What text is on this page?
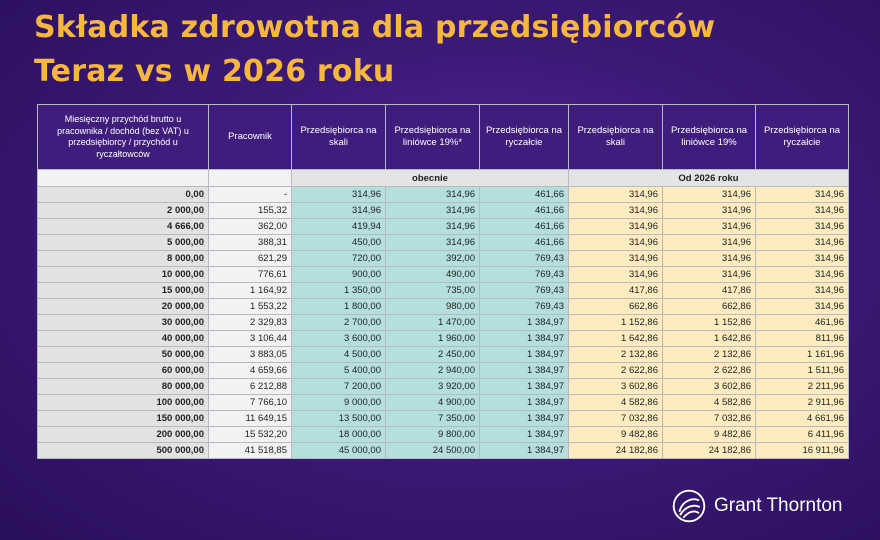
Składka zdrowotna dla przedsiębiorców
Teraz vs w 2026 roku
Miesięczny przychód brutto u pracownika / dochód (bez VAT) u przedsiębiorcy / przychód u ryczałtowców	Pracownik	Przedsiębiorca na skali	Przedsiębiorca na liniówce 19%*	Przedsiębiorca na ryczałcie	Przedsiębiorca na skali	Przedsiębiorca na liniówce 19%	Przedsiębiorca na ryczałcie
		obecnie			Od 2026 roku		
0,00	-	314,96	314,96	461,66	314,96	314,96	314,96
2 000,00	155,32	314,96	314,96	461,66	314,96	314,96	314,96
4 666,00	362,00	419,94	314,96	461,66	314,96	314,96	314,96
5 000,00	388,31	450,00	314,96	461,66	314,96	314,96	314,96
8 000,00	621,29	720,00	392,00	769,43	314,96	314,96	314,96
10 000,00	776,61	900,00	490,00	769,43	314,96	314,96	314,96
15 000,00	1 164,92	1 350,00	735,00	769,43	417,86	417,86	314,96
20 000,00	1 553,22	1 800,00	980,00	769,43	662,86	662,86	314,96
30 000,00	2 329,83	2 700,00	1 470,00	1 384,97	1 152,86	1 152,86	461,96
40 000,00	3 106,44	3 600,00	1 960,00	1 384,97	1 642,86	1 642,86	811,96
50 000,00	3 883,05	4 500,00	2 450,00	1 384,97	2 132,86	2 132,86	1 161,96
60 000,00	4 659,66	5 400,00	2 940,00	1 384,97	2 622,86	2 622,86	1 511,96
80 000,00	6 212,88	7 200,00	3 920,00	1 384,97	3 602,86	3 602,86	2 211,96
100 000,00	7 766,10	9 000,00	4 900,00	1 384,97	4 582,86	4 582,86	2 911,96
150 000,00	11 649,15	13 500,00	7 350,00	1 384,97	7 032,86	7 032,86	4 661,96
200 000,00	15 532,20	18 000,00	9 800,00	1 384,97	9 482,86	9 482,86	6 411,96
500 000,00	41 518,85	45 000,00	24 500,00	1 384,97	24 182,86	24 182,86	16 911,96
Grant Thornton
